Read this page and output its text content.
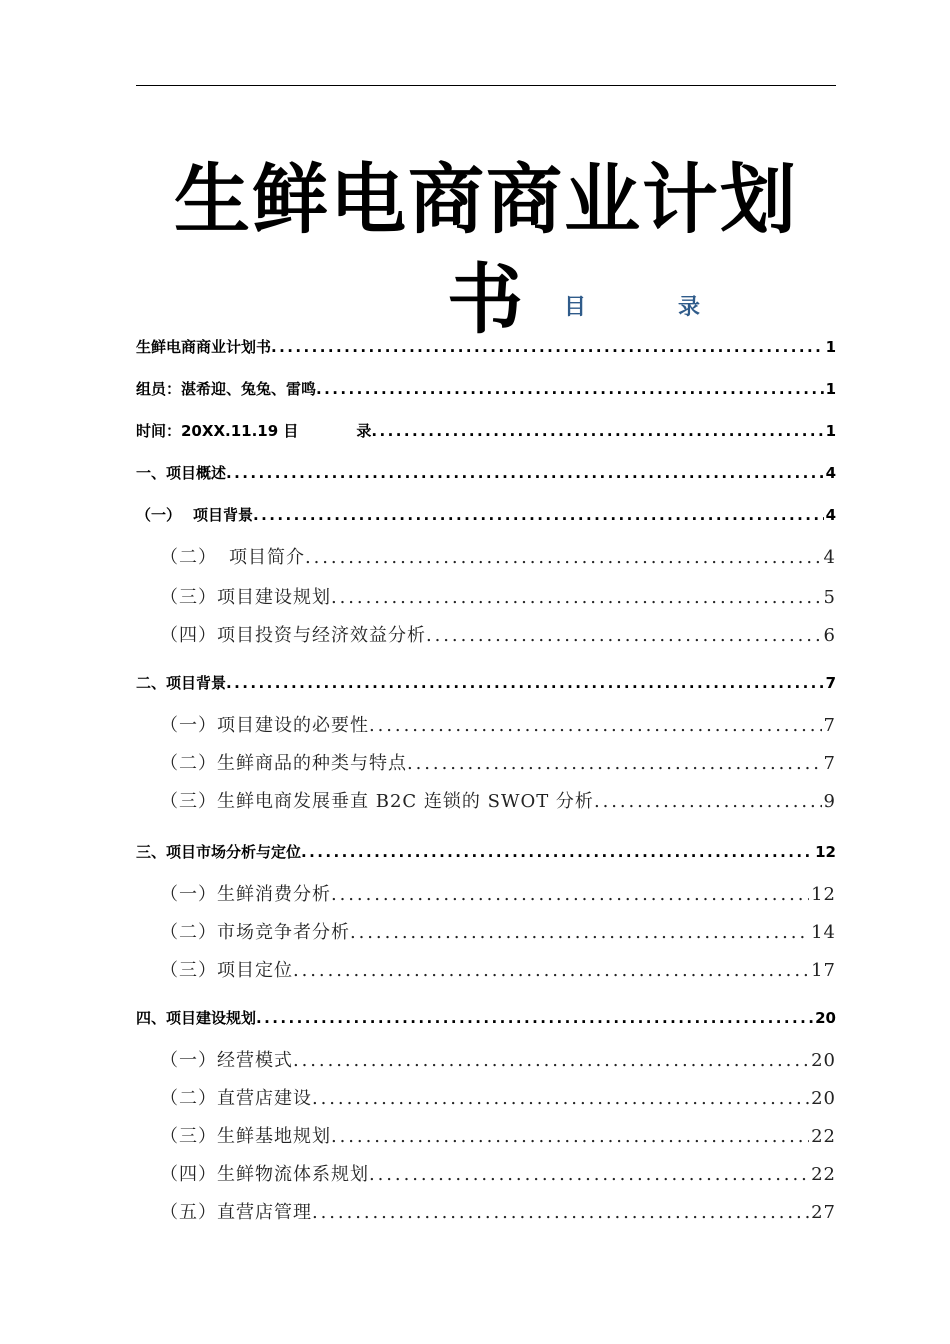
生鲜电商商业计划书	目	录
生鲜电商商业计划书 . . .	1
组员：湛希迎、兔兔、雷鸣 . . .	1
时间：20XX.11.19 目	录 . . .	1
一、项目概述 . . .	4
（一） 项目背景 . . .	4
（二） 项目简介 . . .	4
（三）项目建设规划 . . .	5
（四）项目投资与经济效益分析 . . .	6
二、项目背景 . . .	7
（一）项目建设的必要性 . . .	7
（二）生鲜商品的种类与特点 . . .	7
（三）生鲜电商发展垂直 B2C 连锁的 SWOT 分析 . . .	9
三、项目市场分析与定位 . . .	12
（一）生鲜消费分析 . . .	12
（二）市场竞争者分析 . . .	14
（三）项目定位 . . .	17
四、项目建设规划 . . .	20
（一）经营模式 . . .	20
（二）直营店建设 . . .	20
（三）生鲜基地规划 . . .	22
（四）生鲜物流体系规划 . . .	22
（五）直营店管理 . . .	27
